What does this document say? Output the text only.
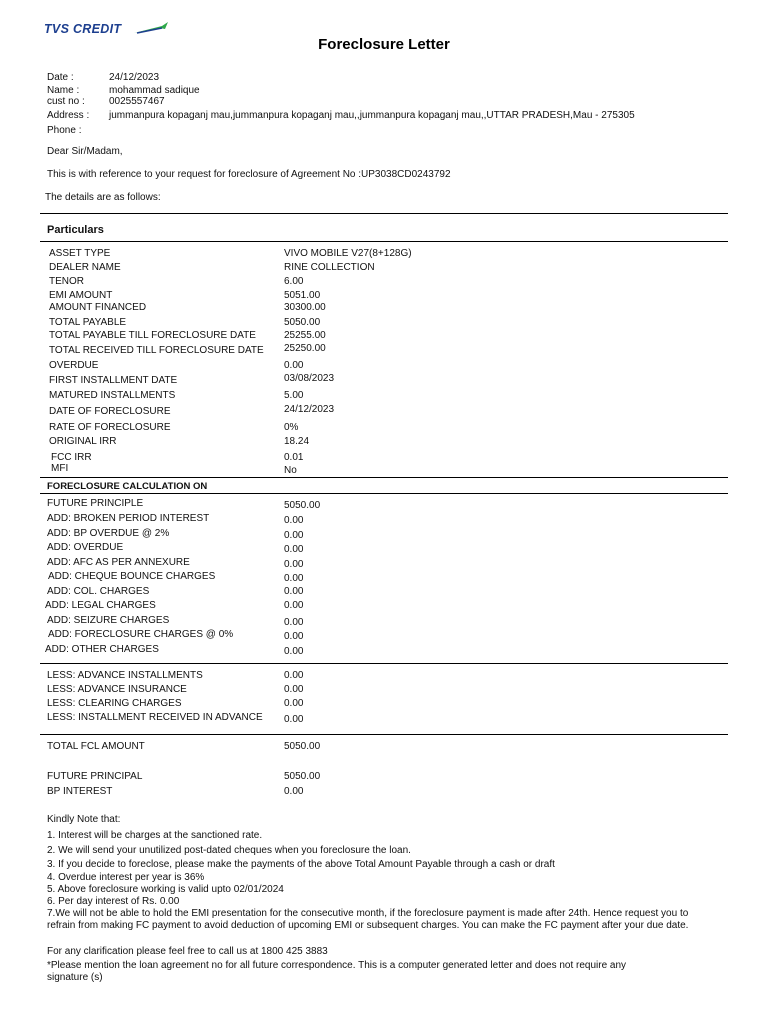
TVS CREDIT
Foreclosure Letter
Date :	24/12/2023
Name :	mohammad sadique
cust no : 0025557467
Address : jummanpura kopaganj mau,jummanpura kopaganj mau,,jummanpura kopaganj mau,,UTTAR PRADESH,Mau - 275305
Phone :
Dear Sir/Madam,
This is with reference to your request for foreclosure of Agreement No :UP3038CD0243792
The details are as follows:
Particulars
ASSET TYPE	VIVO MOBILE V27(8+128G)
DEALER NAME	RINE COLLECTION
TENOR	6.00
EMI AMOUNT	5051.00
AMOUNT FINANCED	30300.00
TOTAL PAYABLE	5050.00
TOTAL PAYABLE TILL FORECLOSURE DATE	25255.00
TOTAL RECEIVED TILL FORECLOSURE DATE 25250.00
OVERDUE	0.00
FIRST INSTALLMENT DATE	03/08/2023
MATURED INSTALLMENTS	5.00
DATE OF FORECLOSURE	24/12/2023
RATE OF FORECLOSURE	0%
ORIGINAL IRR	18.24
FCC IRR	0.01
MFI	No
FORECLOSURE CALCULATION ON
FUTURE PRINCIPLE	5050.00
ADD: BROKEN PERIOD INTEREST	0.00
ADD: BP OVERDUE @ 2%	0.00
ADD: OVERDUE	0.00
ADD: AFC AS PER ANNEXURE	0.00
ADD: CHEQUE BOUNCE CHARGES	0.00
ADD: COL. CHARGES	0.00
ADD: LEGAL CHARGES	0.00
ADD: SEIZURE CHARGES	0.00
ADD: FORECLOSURE CHARGES @ 0%	0.00
ADD: OTHER CHARGES	0.00
LESS: ADVANCE INSTALLMENTS	0.00
LESS: ADVANCE INSURANCE	0.00
LESS: CLEARING CHARGES	0.00
LESS: INSTALLMENT RECEIVED IN ADVANCE 0.00
TOTAL FCL AMOUNT	5050.00
FUTURE PRINCIPAL	5050.00
BP INTEREST	0.00
Kindly Note that:
1. Interest will be charges at the sanctioned rate.
2. We will send your unutilized post-dated cheques when you foreclosure the loan.
3. If you decide to foreclose, please make the payments of the above Total Amount Payable through a cash or draft
4. Overdue interest per year is 36%
5. Above foreclosure working is valid upto 02/01/2024
6. Per day interest of Rs. 0.00
7.We will not be able to hold the EMI presentation for the consecutive month, if the foreclosure payment is made after 24th. Hence request you to refrain from making FC payment to avoid deduction of upcoming EMI or subsequent charges. You can make the FC payment after your due date.
For any clarification please feel free to call us at 1800 425 3883
*Please mention the loan agreement no for all future correspondence. This is a computer generated letter and does not require any signature (s)
